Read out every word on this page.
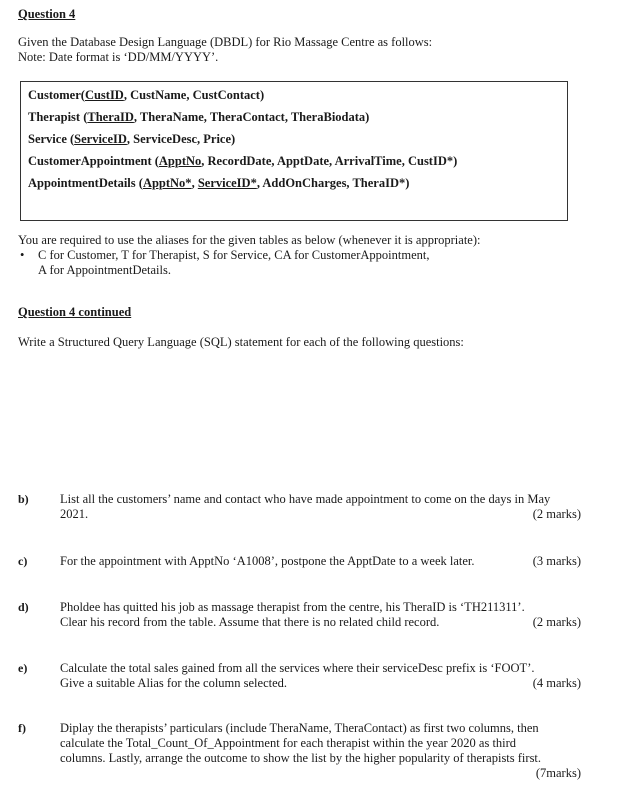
Question 4
Given the Database Design Language (DBDL) for Rio Massage Centre as follows:
Note: Date format is ‘DD/MM/YYYY’.
Customer(CustID, CustName, CustContact)
Therapist (TheraID, TheraName, TheraContact, TheraBiodata)
Service (ServiceID, ServiceDesc, Price)
CustomerAppointment (ApptNo, RecordDate, ApptDate, ArrivalTime, CustID*)
AppointmentDetails (ApptNo*, ServiceID*, AddOnCharges, TheraID*)
You are required to use the aliases for the given tables as below (whenever it is appropriate):
• C for Customer, T for Therapist, S for Service, CA for CustomerAppointment,
A for AppointmentDetails.
Question 4 continued
Write a Structured Query Language (SQL) statement for each of the following questions:
b)	List all the customers’ name and contact who have made appointment to come on the days in May
2021.	(2 marks)
c)	For the appointment with ApptNo ‘A1008’, postpone the ApptDate to a week later.	(3 marks)
d)	Pholdee has quitted his job as massage therapist from the centre, his TheraID is ‘TH211311’.
Clear his record from the table. Assume that there is no related child record.	(2 marks)
e)	Calculate the total sales gained from all the services where their serviceDesc prefix is ‘FOOT’.
Give a suitable Alias for the column selected.	(4 marks)
f)	Diplay the therapists’ particulars (include TheraName, TheraContact) as first two columns, then
calculate the Total_Count_Of_Appointment for each therapist within the year 2020 as third
columns. Lastly, arrange the outcome to show the list by the higher popularity of therapists first.
(7marks)
